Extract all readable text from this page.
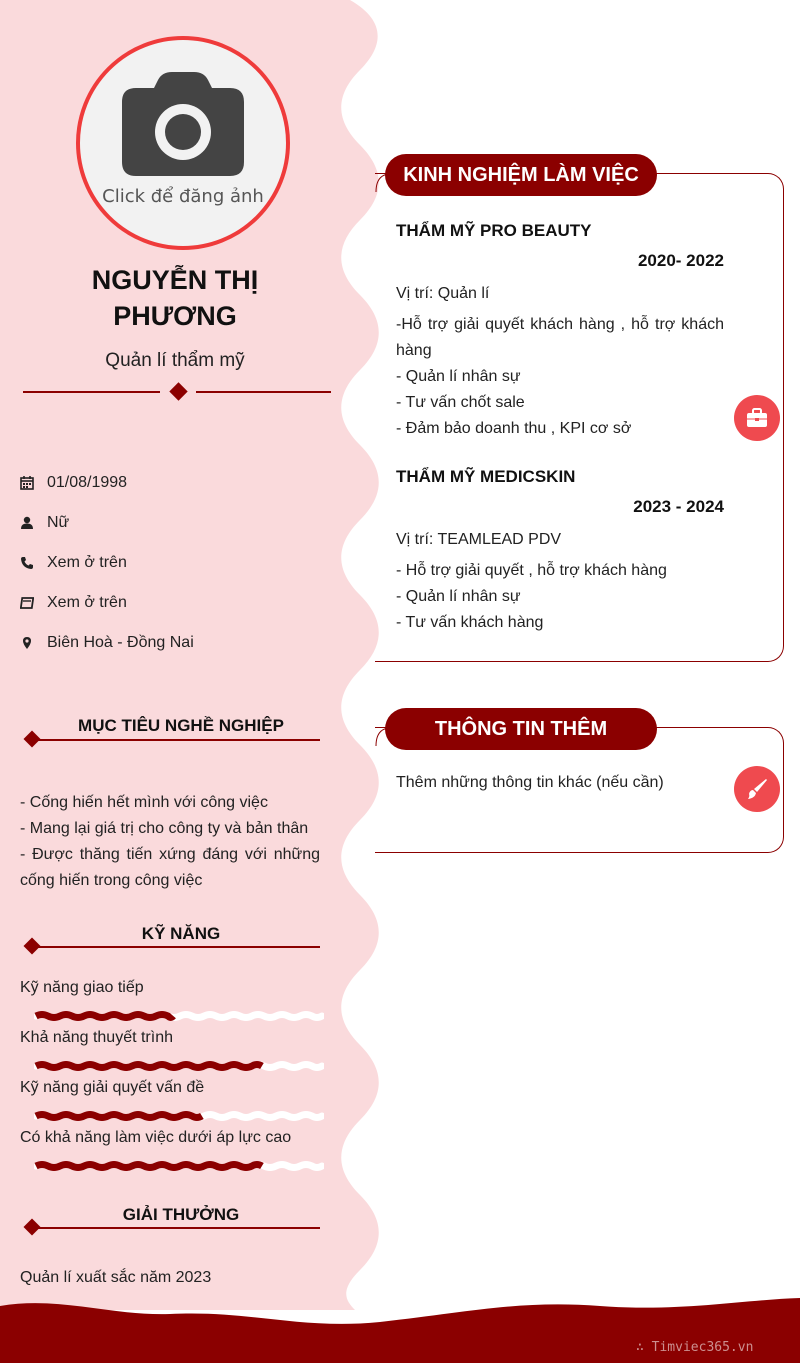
Click để đăng ảnh
NGUYỄN THỊ
PHƯƠNG
Quản lí thẩm mỹ
01/08/1998
Nữ
Xem ở trên
Xem ở trên
Biên Hoà - Đồng Nai
MỤC TIÊU NGHỀ NGHIỆP
- Cống hiến hết mình với công việc
- Mang lại giá trị cho công ty và bản thân
- Được thăng tiến xứng đáng với những cống hiến trong công việc
KỸ NĂNG
Kỹ năng giao tiếp
Khả năng thuyết trình
Kỹ năng giải quyết vấn đề
Có khả năng làm việc dưới áp lực cao
GIẢI THƯỞNG
Quản lí xuất sắc năm 2023
KINH NGHIỆM LÀM VIỆC
THẨM MỸ PRO BEAUTY
2020- 2022
Vị trí: Quản lí
-Hỗ trợ giải quyết khách hàng , hỗ trợ khách hàng
- Quản lí nhân sự
- Tư vấn chốt sale
- Đảm bảo doanh thu , KPI cơ sở
THẨM MỸ MEDICSKIN
2023 - 2024
Vị trí: TEAMLEAD PDV
- Hỗ trợ giải quyết , hỗ trợ khách hàng
- Quản lí nhân sự
- Tư vấn khách hàng
THÔNG TIN THÊM
Thêm những thông tin khác (nếu cần)
∴ Timviec365.vn
